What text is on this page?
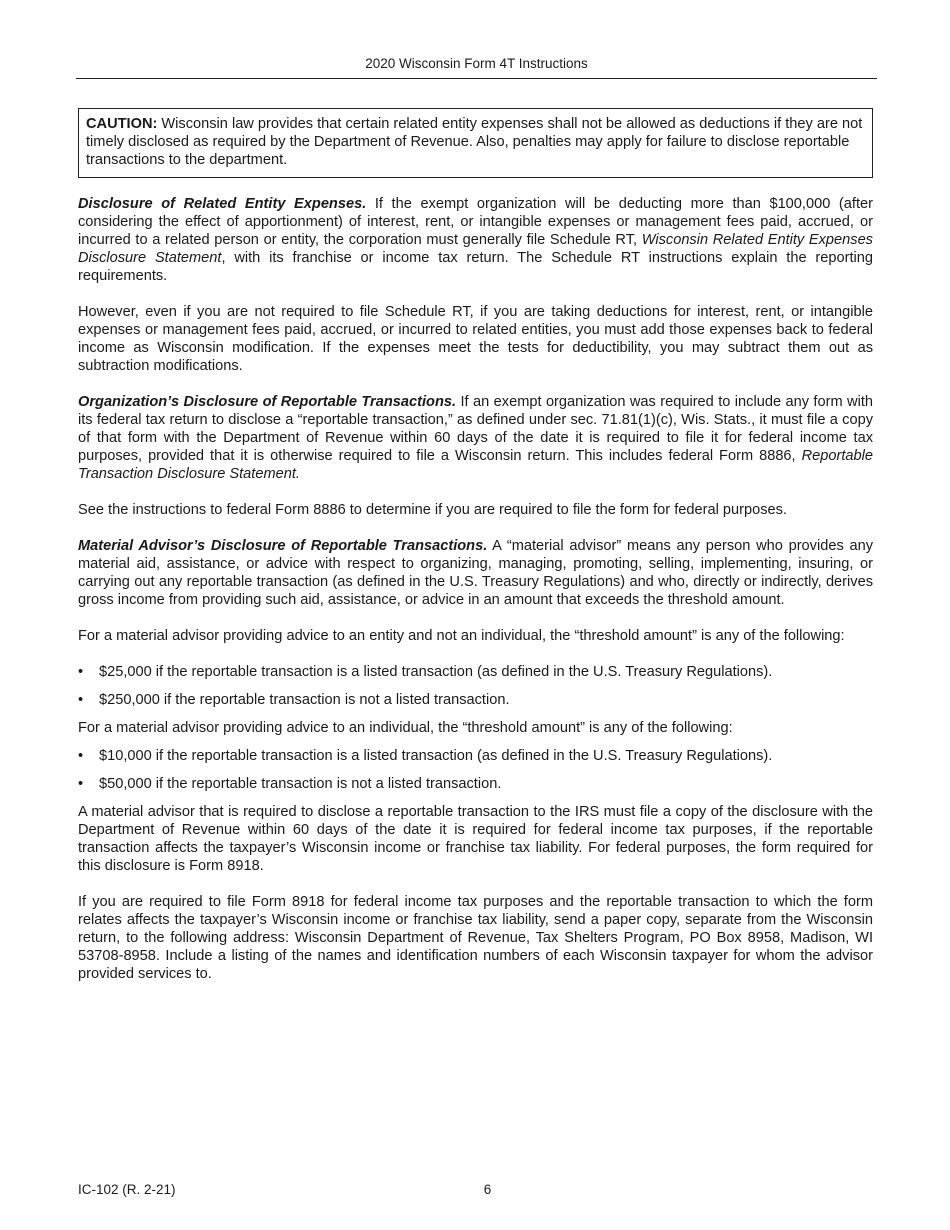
2020 Wisconsin Form 4T Instructions
CAUTION: Wisconsin law provides that certain related entity expenses shall not be allowed as deductions if they are not timely disclosed as required by the Department of Revenue. Also, penalties may apply for failure to disclose reportable transactions to the department.

Disclosure of Related Entity Expenses. If the exempt organization will be deducting more than $100,000 (after considering the effect of apportionment) of interest, rent, or intangible expenses or management fees paid, accrued, or incurred to a related person or entity, the corporation must generally file Schedule RT, Wisconsin Related Entity Expenses Disclosure Statement, with its franchise or income tax return. The Schedule RT instructions explain the reporting requirements.

However, even if you are not required to file Schedule RT, if you are taking deductions for interest, rent, or intangible expenses or management fees paid, accrued, or incurred to related entities, you must add those expenses back to federal income as Wisconsin modification. If the expenses meet the tests for deductibility, you may subtract them out as subtraction modifications.

Organization’s Disclosure of Reportable Transactions. If an exempt organization was required to include any form with its federal tax return to disclose a “reportable transaction,” as defined under sec. 71.81(1)(c), Wis. Stats., it must file a copy of that form with the Department of Revenue within 60 days of the date it is required to file it for federal income tax purposes, provided that it is otherwise required to file a Wisconsin return. This includes federal Form 8886, Reportable Transaction Disclosure Statement.

See the instructions to federal Form 8886 to determine if you are required to file the form for federal purposes.

Material Advisor’s Disclosure of Reportable Transactions. A “material advisor” means any person who provides any material aid, assistance, or advice with respect to organizing, managing, promoting, selling, implementing, insuring, or carrying out any reportable transaction (as defined in the U.S. Treasury Regulations) and who, directly or indirectly, derives gross income from providing such aid, assistance, or advice in an amount that exceeds the threshold amount.

For a material advisor providing advice to an entity and not an individual, the “threshold amount” is any of the following:

• $25,000 if the reportable transaction is a listed transaction (as defined in the U.S. Treasury Regulations).
• $250,000 if the reportable transaction is not a listed transaction.

For a material advisor providing advice to an individual, the “threshold amount” is any of the following:

• $10,000 if the reportable transaction is a listed transaction (as defined in the U.S. Treasury Regulations).
• $50,000 if the reportable transaction is not a listed transaction.

A material advisor that is required to disclose a reportable transaction to the IRS must file a copy of the disclosure with the Department of Revenue within 60 days of the date it is required for federal income tax purposes, if the reportable transaction affects the taxpayer’s Wisconsin income or franchise tax liability. For federal purposes, the form required for this disclosure is Form 8918.

If you are required to file Form 8918 for federal income tax purposes and the reportable transaction to which the form relates affects the taxpayer’s Wisconsin income or franchise tax liability, send a paper copy, separate from the Wisconsin return, to the following address: Wisconsin Department of Revenue, Tax Shelters Program, PO Box 8958, Madison, WI 53708-8958. Include a listing of the names and identification numbers of each Wisconsin taxpayer for whom the advisor provided services to.

IC-102 (R. 2-21)	6
